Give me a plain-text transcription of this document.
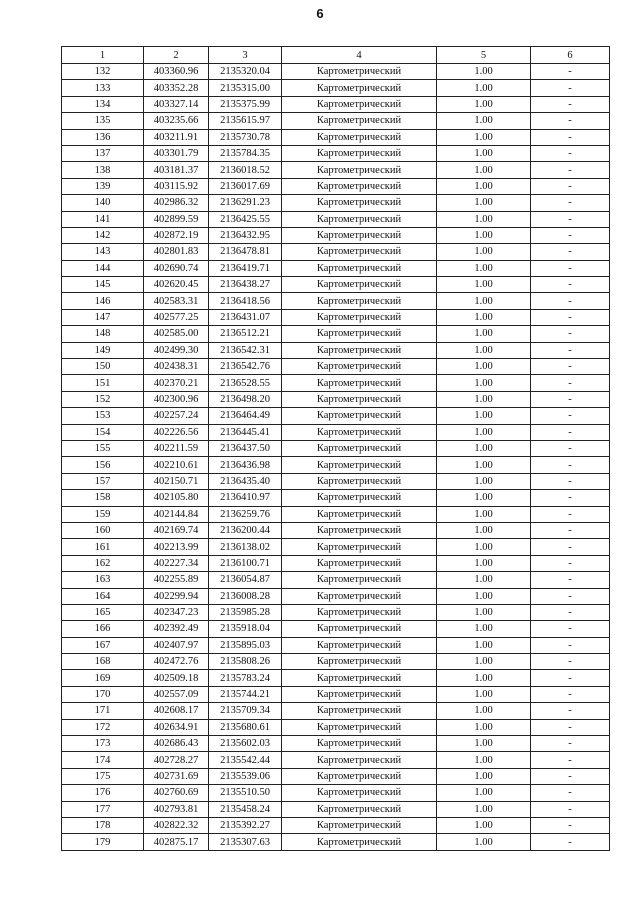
6
1	2	3	4	5	6
132	403360.96	2135320.04	Картометрический	1.00	-
133	403352.28	2135315.00	Картометрический	1.00	-
134	403327.14	2135375.99	Картометрический	1.00	-
135	403235.66	2135615.97	Картометрический	1.00	-
136	403211.91	2135730.78	Картометрический	1.00	-
137	403301.79	2135784.35	Картометрический	1.00	-
138	403181.37	2136018.52	Картометрический	1.00	-
139	403115.92	2136017.69	Картометрический	1.00	-
140	402986.32	2136291.23	Картометрический	1.00	-
141	402899.59	2136425.55	Картометрический	1.00	-
142	402872.19	2136432.95	Картометрический	1.00	-
143	402801.83	2136478.81	Картометрический	1.00	-
144	402690.74	2136419.71	Картометрический	1.00	-
145	402620.45	2136438.27	Картометрический	1.00	-
146	402583.31	2136418.56	Картометрический	1.00	-
147	402577.25	2136431.07	Картометрический	1.00	-
148	402585.00	2136512.21	Картометрический	1.00	-
149	402499.30	2136542.31	Картометрический	1.00	-
150	402438.31	2136542.76	Картометрический	1.00	-
151	402370.21	2136528.55	Картометрический	1.00	-
152	402300.96	2136498.20	Картометрический	1.00	-
153	402257.24	2136464.49	Картометрический	1.00	-
154	402226.56	2136445.41	Картометрический	1.00	-
155	402211.59	2136437.50	Картометрический	1.00	-
156	402210.61	2136436.98	Картометрический	1.00	-
157	402150.71	2136435.40	Картометрический	1.00	-
158	402105.80	2136410.97	Картометрический	1.00	-
159	402144.84	2136259.76	Картометрический	1.00	-
160	402169.74	2136200.44	Картометрический	1.00	-
161	402213.99	2136138.02	Картометрический	1.00	-
162	402227.34	2136100.71	Картометрический	1.00	-
163	402255.89	2136054.87	Картометрический	1.00	-
164	402299.94	2136008.28	Картометрический	1.00	-
165	402347.23	2135985.28	Картометрический	1.00	-
166	402392.49	2135918.04	Картометрический	1.00	-
167	402407.97	2135895.03	Картометрический	1.00	-
168	402472.76	2135808.26	Картометрический	1.00	-
169	402509.18	2135783.24	Картометрический	1.00	-
170	402557.09	2135744.21	Картометрический	1.00	-
171	402608.17	2135709.34	Картометрический	1.00	-
172	402634.91	2135680.61	Картометрический	1.00	-
173	402686.43	2135602.03	Картометрический	1.00	-
174	402728.27	2135542.44	Картометрический	1.00	-
175	402731.69	2135539.06	Картометрический	1.00	-
176	402760.69	2135510.50	Картометрический	1.00	-
177	402793.81	2135458.24	Картометрический	1.00	-
178	402822.32	2135392.27	Картометрический	1.00	-
179	402875.17	2135307.63	Картометрический	1.00	-
